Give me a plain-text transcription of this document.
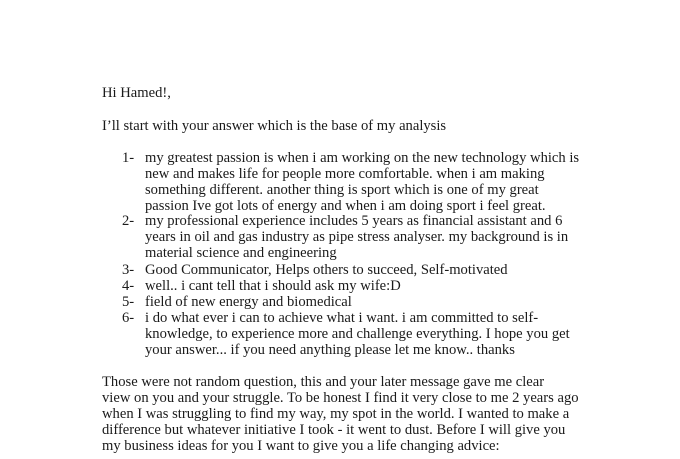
Hi Hamed!,
I’ll start with your answer which is the base of my analysis
1- my greatest passion is when i am working on the new technology which is
new and makes life for people more comfortable. when i am making
something different. another thing is sport which is one of my great
passion Ive got lots of energy and when i am doing sport i feel great.
2- my professional experience includes 5 years as financial assistant and 6
years in oil and gas industry as pipe stress analyser. my background is in
material science and engineering
3- Good Communicator, Helps others to succeed, Self-motivated
4- well.. i cant tell that i should ask my wife:D
5- field of new energy and biomedical
6- i do what ever i can to achieve what i want. i am committed to self-
knowledge, to experience more and challenge everything. I hope you get
your answer... if you need anything please let me know.. thanks
Those were not random question, this and your later message gave me clear
view on you and your struggle. To be honest I find it very close to me 2 years ago
when I was struggling to find my way, my spot in the world. I wanted to make a
difference but whatever initiative I took - it went to dust. Before I will give you
my business ideas for you I want to give you a life changing advice:
